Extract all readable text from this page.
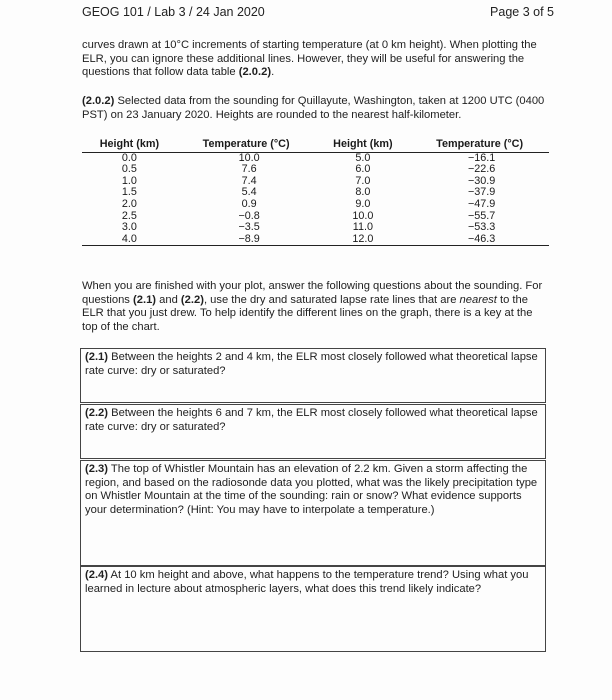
GEOG 101 / Lab 3 / 24 Jan 2020	Page 3 of 5
curves drawn at 10°C increments of starting temperature (at 0 km height). When plotting the ELR, you can ignore these additional lines. However, they will be useful for answering the questions that follow data table (2.0.2).
(2.0.2) Selected data from the sounding for Quillayute, Washington, taken at 1200 UTC (0400 PST) on 23 January 2020. Heights are rounded to the nearest half-kilometer.
Height (km)	Temperature (°C)	Height (km)	Temperature (°C)
0.0	10.0	5.0	−16.1
0.5	7.6	6.0	−22.6
1.0	7.4	7.0	−30.9
1.5	5.4	8.0	−37.9
2.0	0.9	9.0	−47.9
2.5	−0.8	10.0	−55.7
3.0	−3.5	11.0	−53.3
4.0	−8.9	12.0	−46.3
When you are finished with your plot, answer the following questions about the sounding. For questions (2.1) and (2.2), use the dry and saturated lapse rate lines that are nearest to the ELR that you just drew. To help identify the different lines on the graph, there is a key at the top of the chart.
(2.1) Between the heights 2 and 4 km, the ELR most closely followed what theoretical lapse rate curve: dry or saturated?
(2.2) Between the heights 6 and 7 km, the ELR most closely followed what theoretical lapse rate curve: dry or saturated?
(2.3) The top of Whistler Mountain has an elevation of 2.2 km. Given a storm affecting the region, and based on the radiosonde data you plotted, what was the likely precipitation type on Whistler Mountain at the time of the sounding: rain or snow? What evidence supports your determination? (Hint: You may have to interpolate a temperature.)
(2.4) At 10 km height and above, what happens to the temperature trend? Using what you learned in lecture about atmospheric layers, what does this trend likely indicate?
